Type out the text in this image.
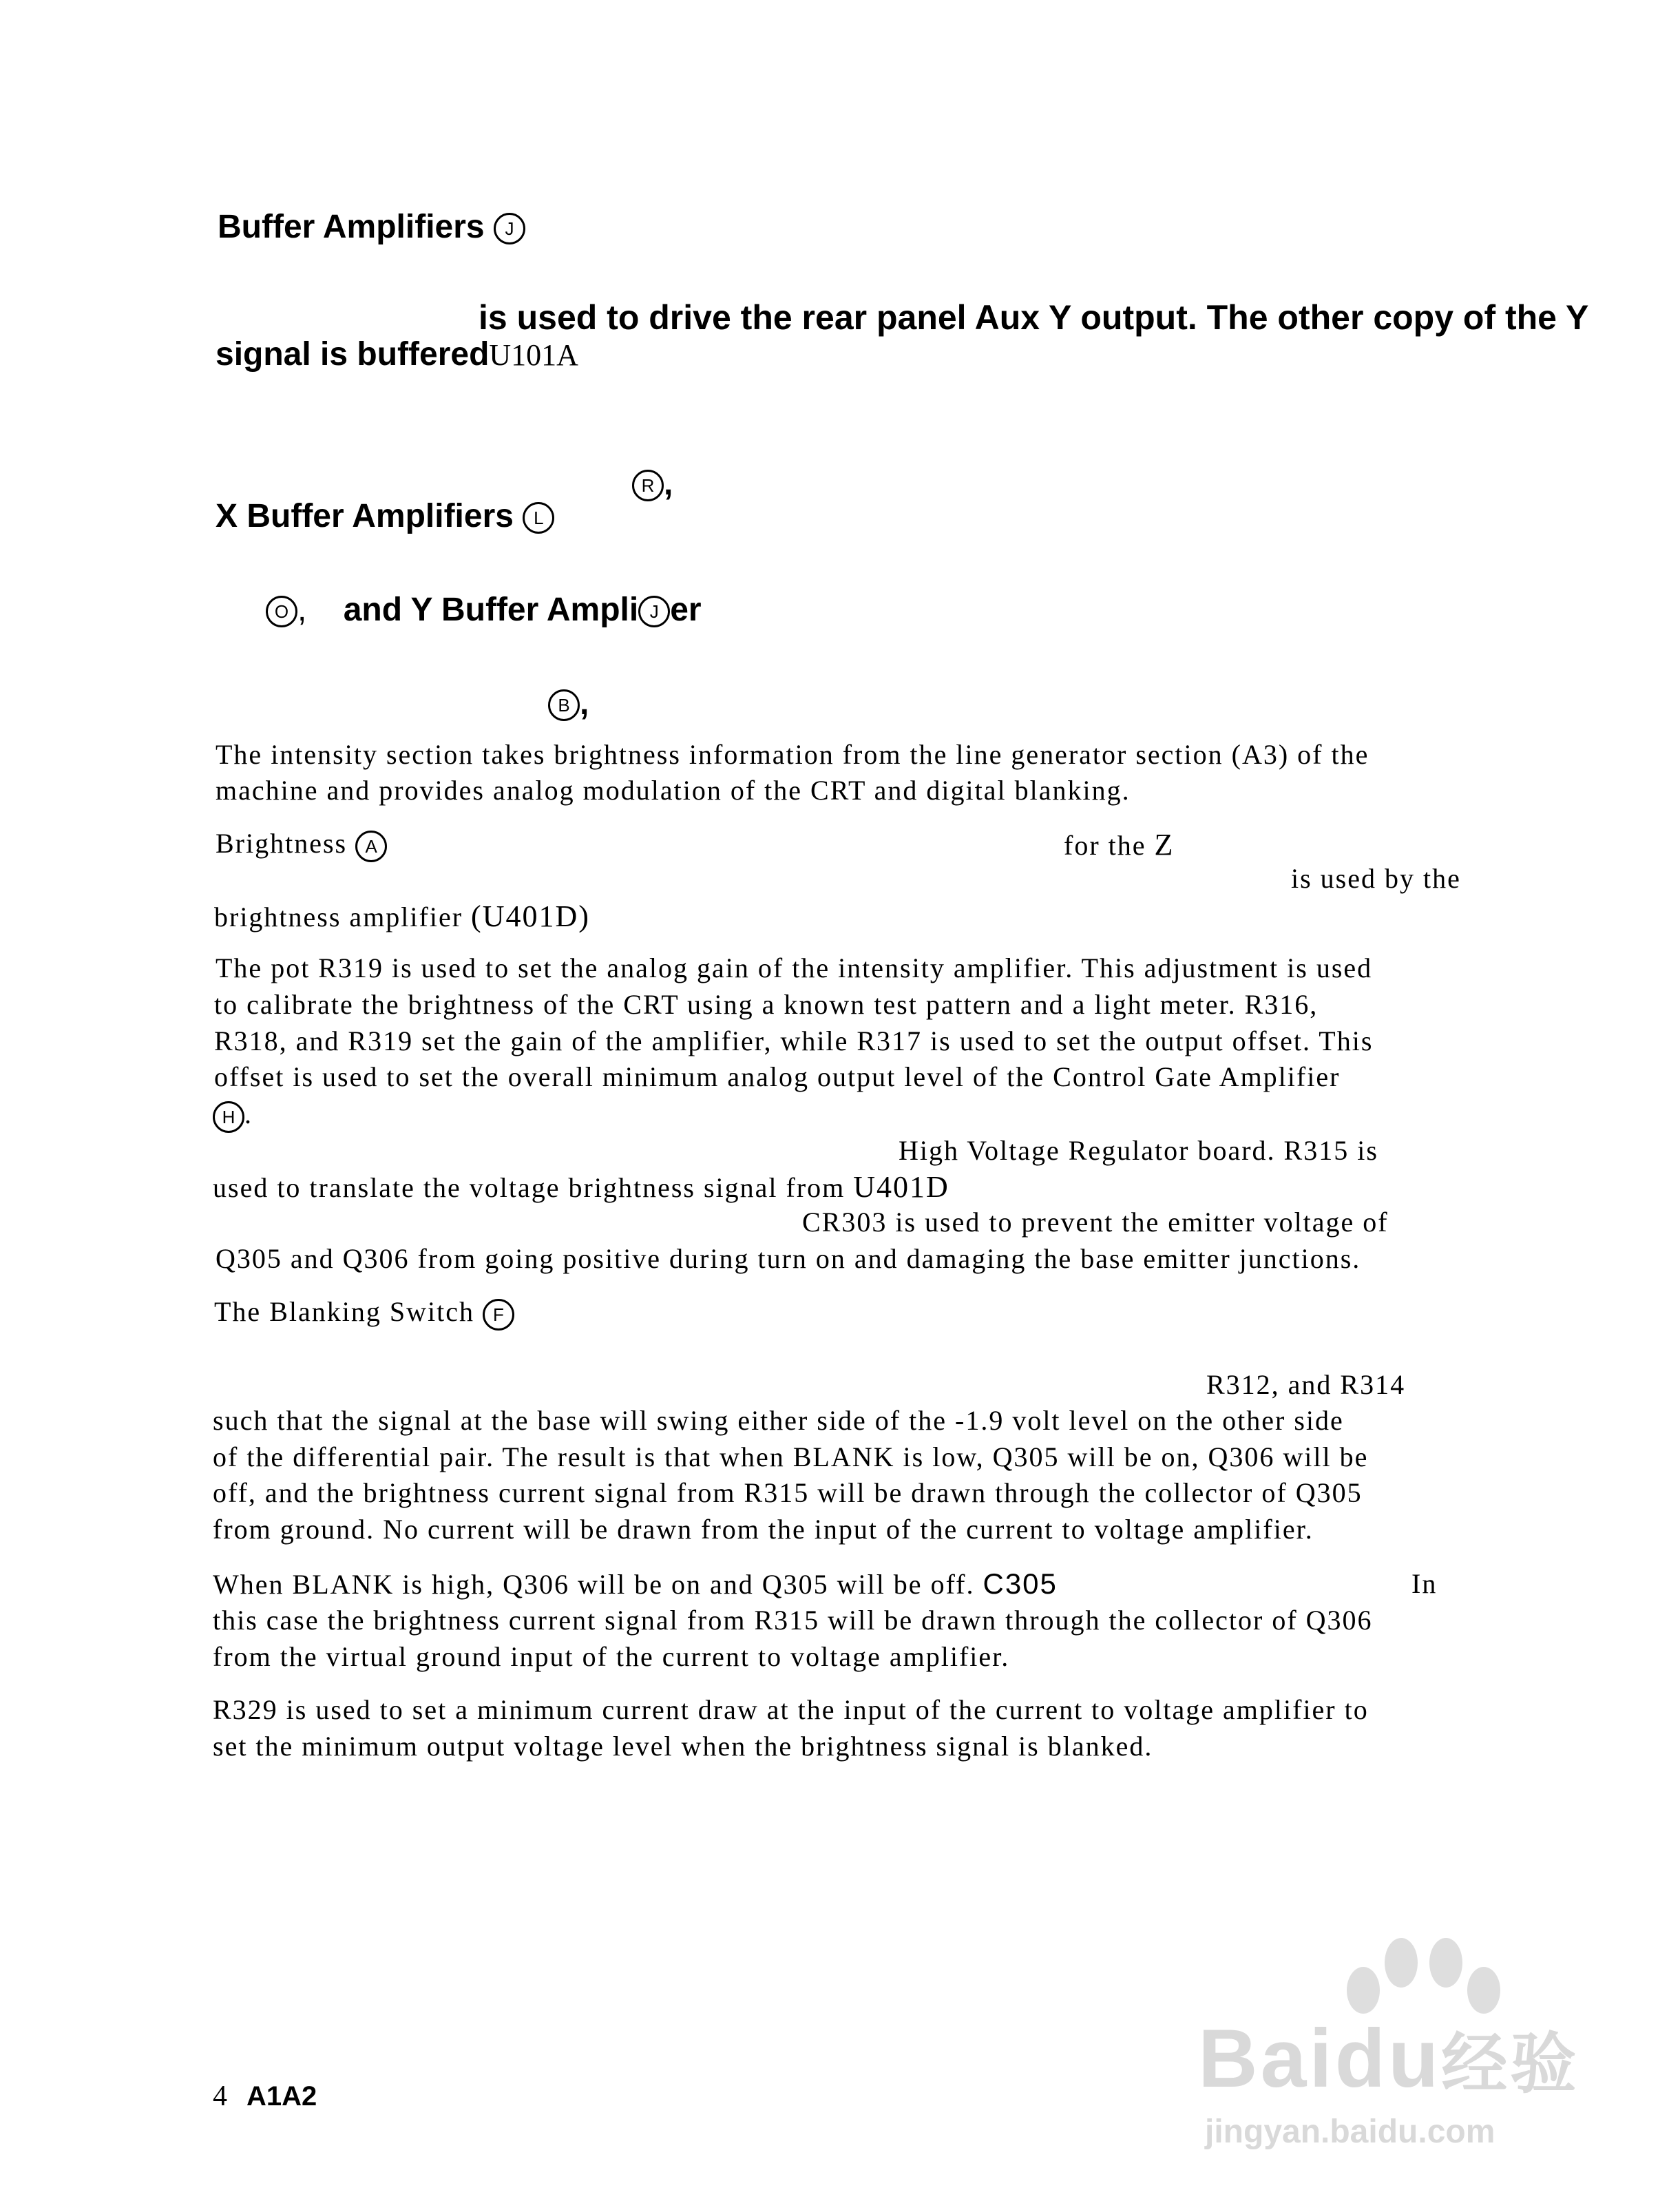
Buffer Amplifiers J
is used to drive the rear panel Aux Y output. The other copy of the Y
signal is bufferedU101A
R ,
X Buffer Amplifiers L
O , and Y Buffer Ampli J er
B ,
The intensity section takes brightness information from the line generator section (A3) of the
machine and provides analog modulation of the CRT and digital blanking.
Brightness A	for the Z
is used by the
brightness amplifier (U401D)
The pot R319 is used to set the analog gain of the intensity amplifier. This adjustment is used
to calibrate the brightness of the CRT using a known test pattern and a light meter. R316,
R318, and R319 set the gain of the amplifier, while R317 is used to set the output offset. This
offset is used to set the overall minimum analog output level of the Control Gate Amplifier
H .
High Voltage Regulator board. R315 is
used to translate the voltage brightness signal from U401D
CR303 is used to prevent the emitter voltage of
Q305 and Q306 from going positive during turn on and damaging the base emitter junctions.
The Blanking Switch F
R312, and R314
such that the signal at the base will swing either side of the -1.9 volt level on the other side
of the differential pair. The result is that when BLANK is low, Q305 will be on, Q306 will be
off, and the brightness current signal from R315 will be drawn through the collector of Q305
from ground. No current will be drawn from the input of the current to voltage amplifier.
When BLANK is high, Q306 will be on and Q305 will be off. C305	In
this case the brightness current signal from R315 will be drawn through the collector of Q306
from the virtual ground input of the current to voltage amplifier.
R329 is used to set a minimum current draw at the input of the current to voltage amplifier to
set the minimum output voltage level when the brightness signal is blanked.
4 A1A2	Baidu经验
jingyan.baidu.com
